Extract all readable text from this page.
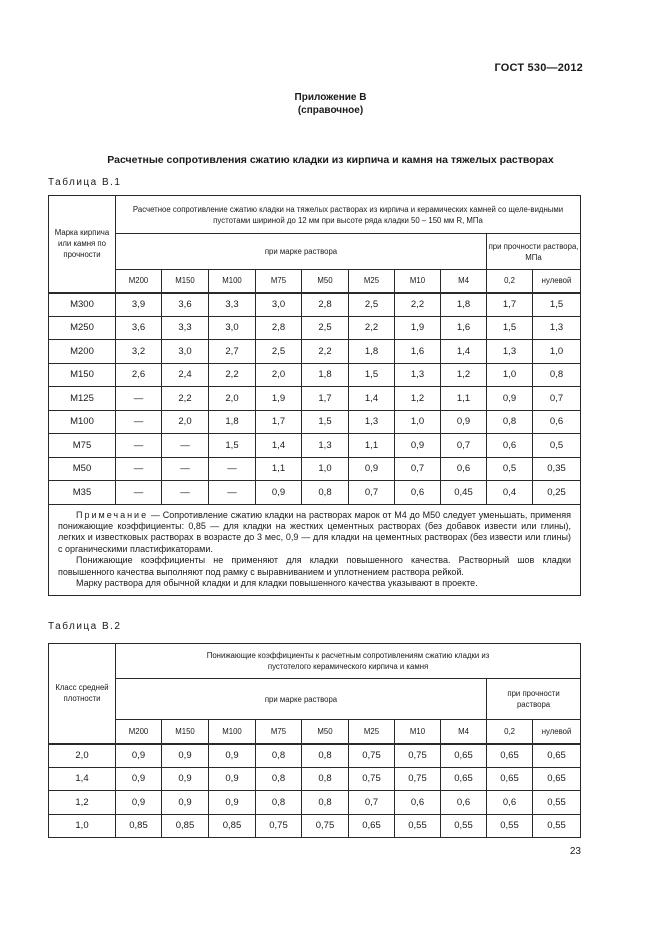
ГОСТ 530—2012
Приложение В
(справочное)
Расчетные сопротивления сжатию кладки из кирпича и камня на тяжелых растворах
Таблица В.1
Марка кирпича или камня по прочности	Расчетное сопротивление сжатию кладки на тяжелых растворах из кирпича и керамических камней со щеле-видными пустотами шириной до 12 мм при высоте ряда кладки 50 – 150 мм R, МПа									
	при марке раствора								при прочности раствора, МПа	
	М200	М150	М100	М75	М50	М25	М10	М4	0,2	нулевой
М300	3,9	3,6	3,3	3,0	2,8	2,5	2,2	1,8	1,7	1,5
М250	3,6	3,3	3,0	2,8	2,5	2,2	1,9	1,6	1,5	1,3
М200	3,2	3,0	2,7	2,5	2,2	1,8	1,6	1,4	1,3	1,0
М150	2,6	2,4	2,2	2,0	1,8	1,5	1,3	1,2	1,0	0,8
М125	—	2,2	2,0	1,9	1,7	1,4	1,2	1,1	0,9	0,7
М100	—	2,0	1,8	1,7	1,5	1,3	1,0	0,9	0,8	0,6
М75	—	—	1,5	1,4	1,3	1,1	0,9	0,7	0,6	0,5
М50	—	—	—	1,1	1,0	0,9	0,7	0,6	0,5	0,35
М35	—	—	—	0,9	0,8	0,7	0,6	0,45	0,4	0,25

Примечание — Сопротивление сжатию кладки на растворах марок от М4 до М50 следует уменьшать, применяя понижающие коэффициенты: 0,85 — для кладки на жестких цементных растворах (без добавок извести или глины), легких и известковых растворах в возрасте до 3 мес, 0,9 — для кладки на цементных растворах (без извести или глины) с органическими пластификаторами.

Понижающие коэффициенты не применяют для кладки повышенного качества. Растворный шов кладки повышенного качества выполняют под рамку с выравниванием и уплотнением раствора рейкой.

Марку раствора для обычной кладки и для кладки повышенного качества указывают в проекте.										

Таблица В.2
Класс средней плотности	Понижающие коэффициенты к расчетным сопротивлениям сжатию кладки из пустотелого керамического кирпича и камня									
	при марке раствора								при прочности раствора	
	М200	М150	М100	М75	М50	М25	М10	М4	0,2	нулевой
2,0	0,9	0,9	0,9	0,8	0,8	0,75	0,75	0,65	0,65	0,65
1,4	0,9	0,9	0,9	0,8	0,8	0,75	0,75	0,65	0,65	0,65
1,2	0,9	0,9	0,9	0,8	0,8	0,7	0,6	0,6	0,6	0,55
1,0	0,85	0,85	0,85	0,75	0,75	0,65	0,55	0,55	0,55	0,55
23
